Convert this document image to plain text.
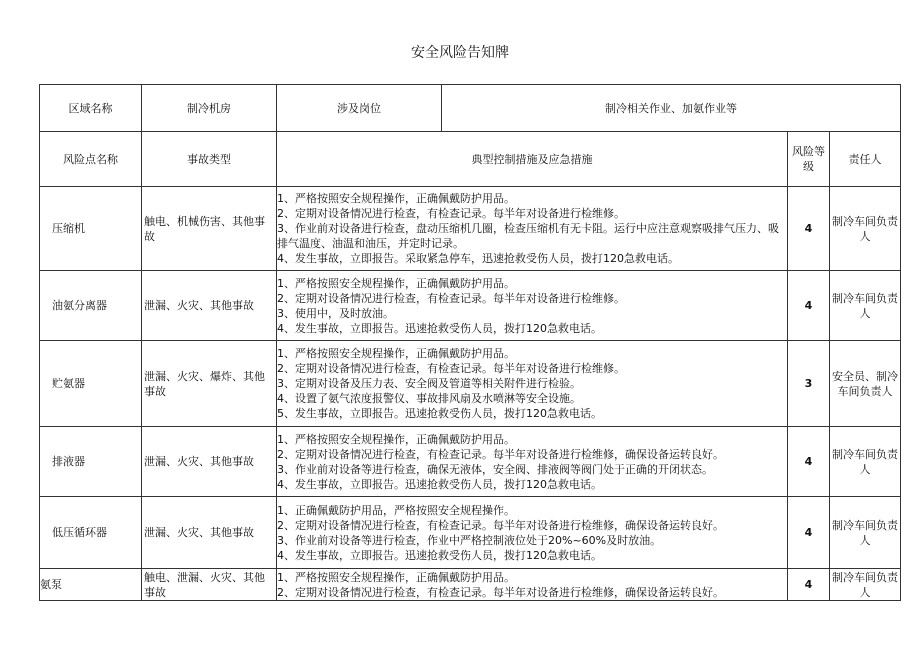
安全风险告知牌
区域名称	制冷机房	涉及岗位	制冷相关作业、加氨作业等		
风险点名称	事故类型	典型控制措施及应急措施		风险等级	责任人
压缩机	触电、机械伤害、其他事故	1、严格按照安全规程操作，正确佩戴防护用品。
2、定期对设备情况进行检查，有检查记录。每半年对设备进行检维修。
3、作业前对设备进行检查，盘动压缩机几圈，检查压缩机有无卡阻。运行中应注意观察吸排气压力、吸排气温度、油温和油压，并定时记录。
4、发生事故，立即报告。采取紧急停车，迅速抢救受伤人员，拨打120急救电话。		4	制冷车间负责人
油氨分离器	泄漏、火灾、其他事故	1、严格按照安全规程操作，正确佩戴防护用品。
2、定期对设备情况进行检查，有检查记录。每半年对设备进行检维修。
3、使用中，及时放油。
4、发生事故，立即报告。迅速抢救受伤人员，拨打120急救电话。		4	制冷车间负责人
贮氨器	泄漏、火灾、爆炸、其他事故	1、严格按照安全规程操作，正确佩戴防护用品。
2、定期对设备情况进行检查，有检查记录。每半年对设备进行检维修。
3、定期对设备及压力表、安全阀及管道等相关附件进行检验。
4、设置了氨气浓度报警仪、事故排风扇及水喷淋等安全设施。
5、发生事故，立即报告。迅速抢救受伤人员，拨打120急救电话。		3	安全员、制冷车间负责人
排液器	泄漏、火灾、其他事故	1、严格按照安全规程操作，正确佩戴防护用品。
2、定期对设备情况进行检查，有检查记录。每半年对设备进行检维修，确保设备运转良好。
3、作业前对设备等进行检查，确保无液体，安全阀、排液阀等阀门处于正确的开闭状态。
4、发生事故，立即报告。迅速抢救受伤人员，拨打120急救电话。		4	制冷车间负责人
低压循环器	泄漏、火灾、其他事故	1、正确佩戴防护用品，严格按照安全规程操作。
2、定期对设备情况进行检查，有检查记录。每半年对设备进行检维修，确保设备运转良好。
3、作业前对设备等进行检查，作业中严格控制液位处于20%~60%及时放油。
4、发生事故，立即报告。迅速抢救受伤人员，拨打120急救电话。		4	制冷车间负责人
氨泵	触电、泄漏、火灾、其他事故	1、严格按照安全规程操作，正确佩戴防护用品。
2、定期对设备情况进行检查，有检查记录。每半年对设备进行检维修，确保设备运转良好。		4	制冷车间负责人
